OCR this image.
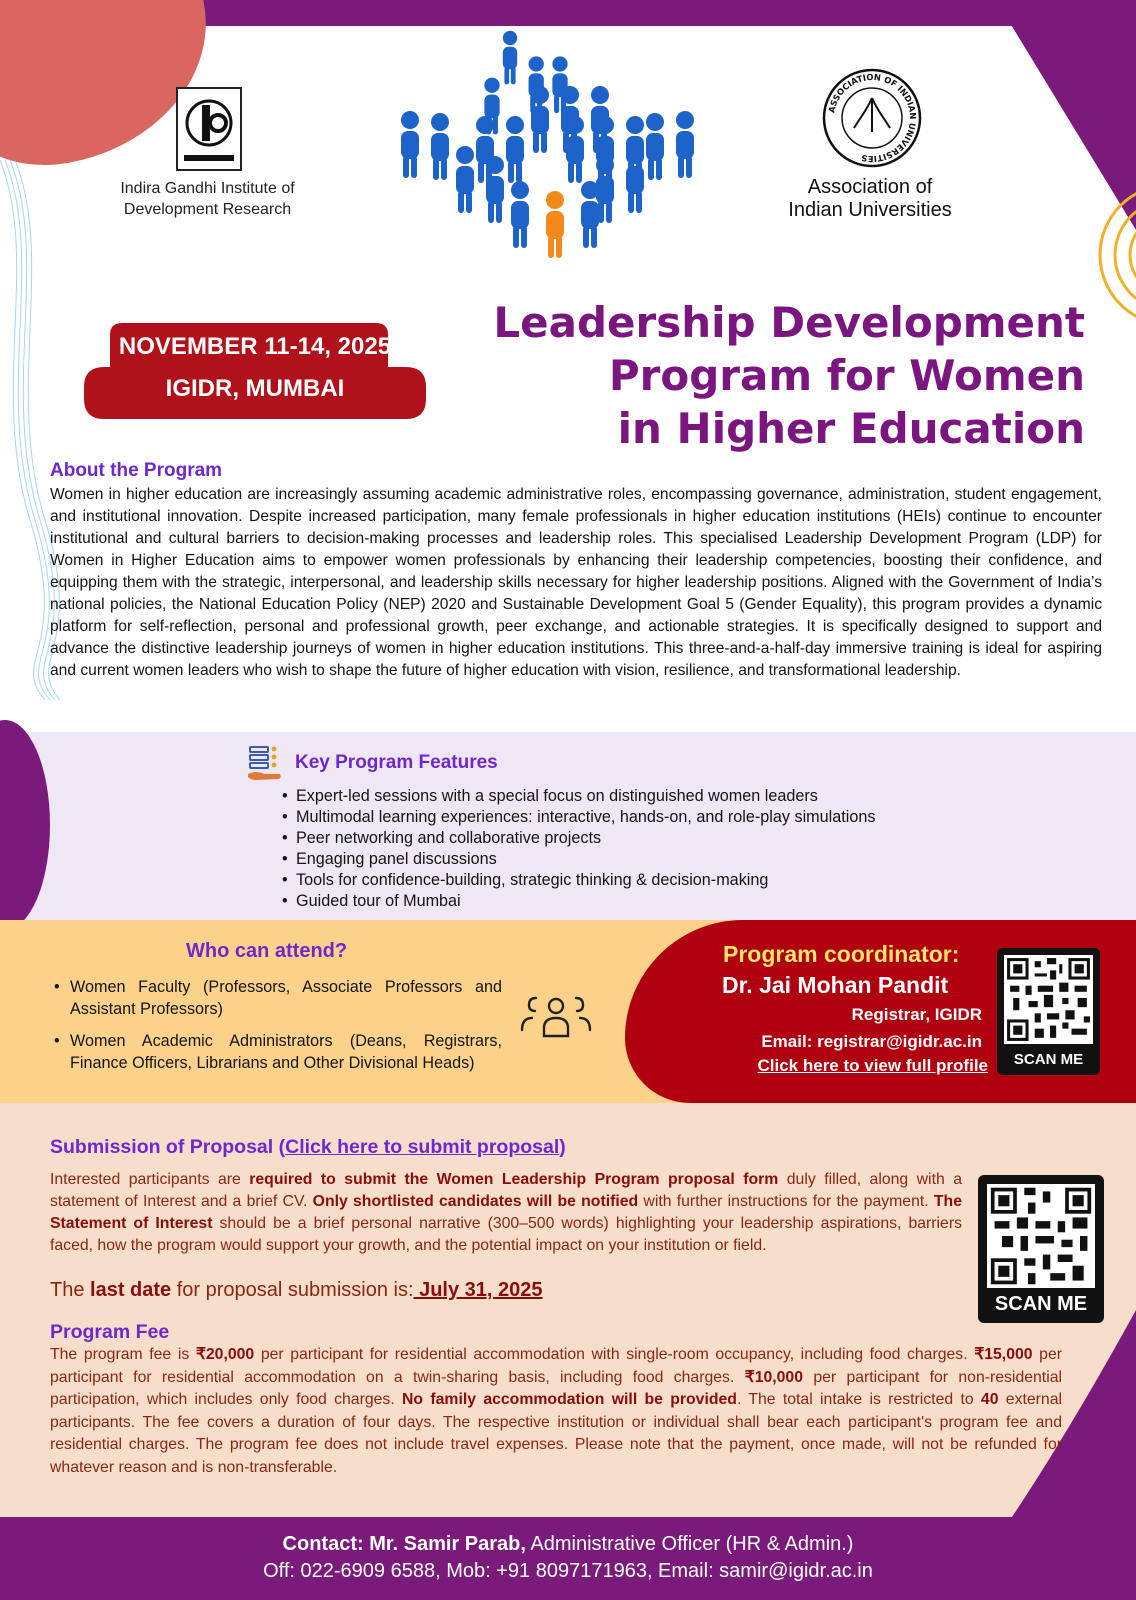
Indira Gandhi Institute of
Development Research
ASSOCIATION OF INDIAN UNIVERSITIES
Association of
Indian Universities
NOVEMBER 11-14, 2025
IGIDR, MUMBAI
Leadership Development
Program for Women
in Higher Education
About the Program
Women in higher education are increasingly assuming academic administrative roles, encompassing governance, administration, student engagement, and institutional innovation. Despite increased participation, many female professionals in higher education institutions (HEIs) continue to encounter institutional and cultural barriers to decision-making processes and leadership roles. This specialised Leadership Development Program (LDP) for Women in Higher Education aims to empower women professionals by enhancing their leadership competencies, boosting their confidence, and equipping them with the strategic, interpersonal, and leadership skills necessary for higher leadership positions. Aligned with the Government of India’s national policies, the National Education Policy (NEP) 2020 and Sustainable Development Goal 5 (Gender Equality), this program provides a dynamic platform for self-reflection, personal and professional growth, peer exchange, and actionable strategies. It is specifically designed to support and advance the distinctive leadership journeys of women in higher education institutions. This three-and-a-half-day immersive training is ideal for aspiring and current women leaders who wish to shape the future of higher education with vision, resilience, and transformational leadership.
Key Program Features
• Expert-led sessions with a special focus on distinguished women leaders
• Multimodal learning experiences: interactive, hands-on, and role-play simulations
• Peer networking and collaborative projects
• Engaging panel discussions
• Tools for confidence-building, strategic thinking & decision-making
• Guided tour of Mumbai
Who can attend?
• Women Faculty (Professors, Associate Professors and Assistant Professors)
• Women Academic Administrators (Deans, Registrars, Finance Officers, Librarians and Other Divisional Heads)
Program coordinator:
Dr. Jai Mohan Pandit
Registrar, IGIDR
Email: registrar@igidr.ac.in
Click here to view full profile	SCAN ME
Submission of Proposal (Click here to submit proposal)
Interested participants are required to submit the Women Leadership Program proposal form duly filled, along with a statement of Interest and a brief CV. Only shortlisted candidates will be notified with further instructions for the payment. The Statement of Interest should be a brief personal narrative (300–500 words) highlighting your leadership aspirations, barriers faced, how the program would support your growth, and the potential impact on your institution or field.
The last date for proposal submission is: July 31, 2025
SCAN ME
Program Fee
The program fee is ₹20,000 per participant for residential accommodation with single-room occupancy, including food charges. ₹15,000 per participant for residential accommodation on a twin-sharing basis, including food charges. ₹10,000 per participant for non-residential participation, which includes only food charges. No family accommodation will be provided. The total intake is restricted to 40 external participants. The fee covers a duration of four days. The respective institution or individual shall bear each participant's program fee and residential charges. The program fee does not include travel expenses. Please note that the payment, once made, will not be refunded for whatever reason and is non-transferable.
Contact: Mr. Samir Parab, Administrative Officer (HR & Admin.)
Off: 022-6909 6588, Mob: +91 8097171963, Email: samir@igidr.ac.in
